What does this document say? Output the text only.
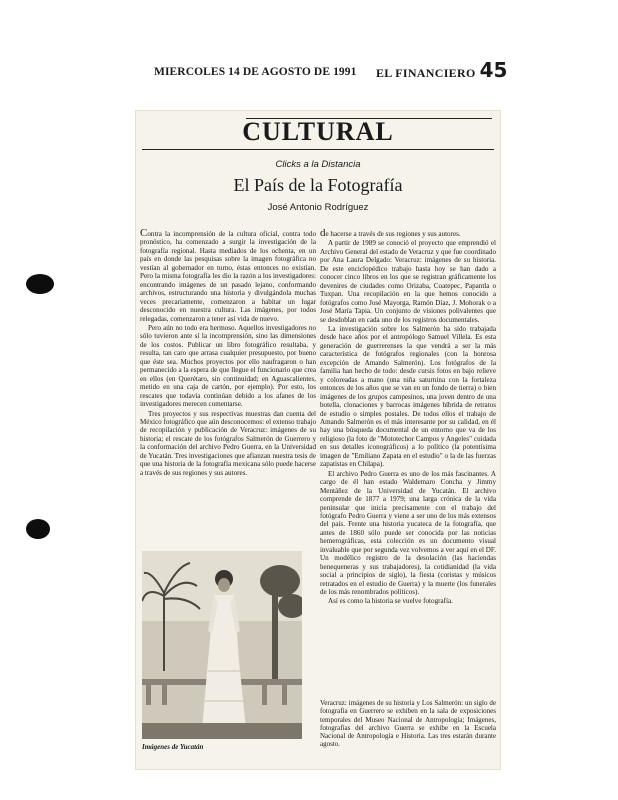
MIERCOLES 14 DE AGOSTO DE 1991 EL FINANCIERO 45
CULTURAL
Clicks a la Distancia
El País de la Fotografía
José Antonio Rodríguez

Contra la incomprensión de la cultura oficial, contra todo pronóstico, ha comenzado a surgir la investigación de la fotografía regional. Hasta mediados de los ochenta, en un país en donde las pesquisas sobre la imagen fotográfica no vestían al gobernador en turno, éstas entonces no existían. Pero la misma fotografía les dio la razón a los investigadores: encontrando imágenes de un pasado lejano, conformando archivos, estructurando una historia y divulgándola muchas veces precariamente, comenzaron a habitar un lugar desconocido en nuestra cultura. Las imágenes, por todos relegadas, comenzaron a tener así vida de nuevo.

Pero aún no todo era hermoso. Aquellos investigadores no sólo tuvieron ante sí la incomprensión, sino las dimensiones de los costos. Publicar un libro fotográfico resultaba, y resulta, tan caro que arrasa cualquier presupuesto, por bueno que éste sea. Muchos proyectos por ello naufragaron o han permanecido a la espera de que llegue el funcionario que crea en ellos (en Querétaro, sin continuidad; en Aguascalientes, metido en una caja de cartón, por ejemplo). Por esto, los rescates que todavía continúan debido a los afanes de los investigadores merecen comentarse.

Tres proyectos y sus respectivas muestras dan cuenta del México fotográfico que aún desconocemos: el extenso trabajo de recopilación y publicación de Veracruz: imágenes de su historia; el rescate de los fotógrafos Salmerón de Guerrero y la conformación del archivo Pedro Guerra, en la Universidad de Yucatán. Tres investigaciones que afianzan nuestra tesis de que una historia de la fotografía mexicana sólo puede hacerse a través de sus regiones y sus autores.

de hacerse a través de sus regiones y sus autores.

A partir de 1989 se conoció el proyecto que emprendió el Archivo General del estado de Veracruz y que fue coordinado por Ana Laura Delgado: Veracruz: imágenes de su historia. De este enciclopédico trabajo hasta hoy se han dado a conocer cinco libros en los que se registran gráficamente los devenires de ciudades como Orizaba, Coatepec, Papantla o Tuxpan. Una recopilación en la que hemos conocido a fotógrafos como José Mayorga, Ramón Díaz, J. Mohorak o a José María Tapia. Un conjunto de visiones polivalentes que se desdoblan en cada uno de los registros documentales.

La investigación sobre los Salmerón ha sido trabajada desde hace años por el antropólogo Samuel Villela. Es esta generación de guerrerenses la que vendrá a ser la más característica de fotógrafos regionales (con la honrosa excepción de Amando Salmerón). Los fotógrafos de la familia han hecho de todo: desde cursis fotos en bajo relieve y coloreadas a mano (una niña saturnina con la fortaleza entonces de los años que se van en un fondo de tierra) o bien imágenes de los grupos campesinos, una joven dentro de una botella, clonaciones y barrocas imágenes híbrida de retratos de estudio o simples postales. De todos ellos el trabajo de Amando Salmerón es el más interesante por su calidad, en él hay una búsqueda documental de un entorno que va de los religioso (la foto de "Mototechor Campos y Angeles" cuidada en sus detalles iconográficos) a lo político (la potentísima imagen de "Emiliano Zapata en el estudio" o la de las fuerzas zapatistas en Chilapa).

El archivo Pedro Guerra es uno de los más fascinantes. A cargo de él han estado Waldemaro Concha y Jimmy Mentáñez de la Universidad de Yucatán. El archivo comprende de 1877 a 1979; una larga crónica de la vida peninsular que inicia precisamente con el trabajo del fotógrafo Pedro Guerra y viene a ser uno de los más extensos del país. Frente una historia yucateca de la fotografía, que antes de 1860 sólo puede ser conocida por las noticias hemerográficas, esta colección es un documento visual invaluable que por segunda vez volvemos a ver aquí en el DF. Un modélico registro de la desolación (las haciendas henequeneras y sus trabajadores), la cotidianidad (la vida social a principios de siglo), la fiesta (coristas y músicos retratados en el estudio de Guerra) y la muerte (los funerales de los más renombrados políticos).

Así es como la historia se vuelve fotografía.

Imágenes de Yucatán
Veracruz: imágenes de su historia y Los Salmerón: un siglo de fotografía en Guerrero se exhiben en la sala de exposiciones temporales del Museo Nacional de Antropología; Imágenes, fotografías del archivo Guerra se exhibe en la Escuela Nacional de Antropología e Historia. Las tres estarán durante agosto.
